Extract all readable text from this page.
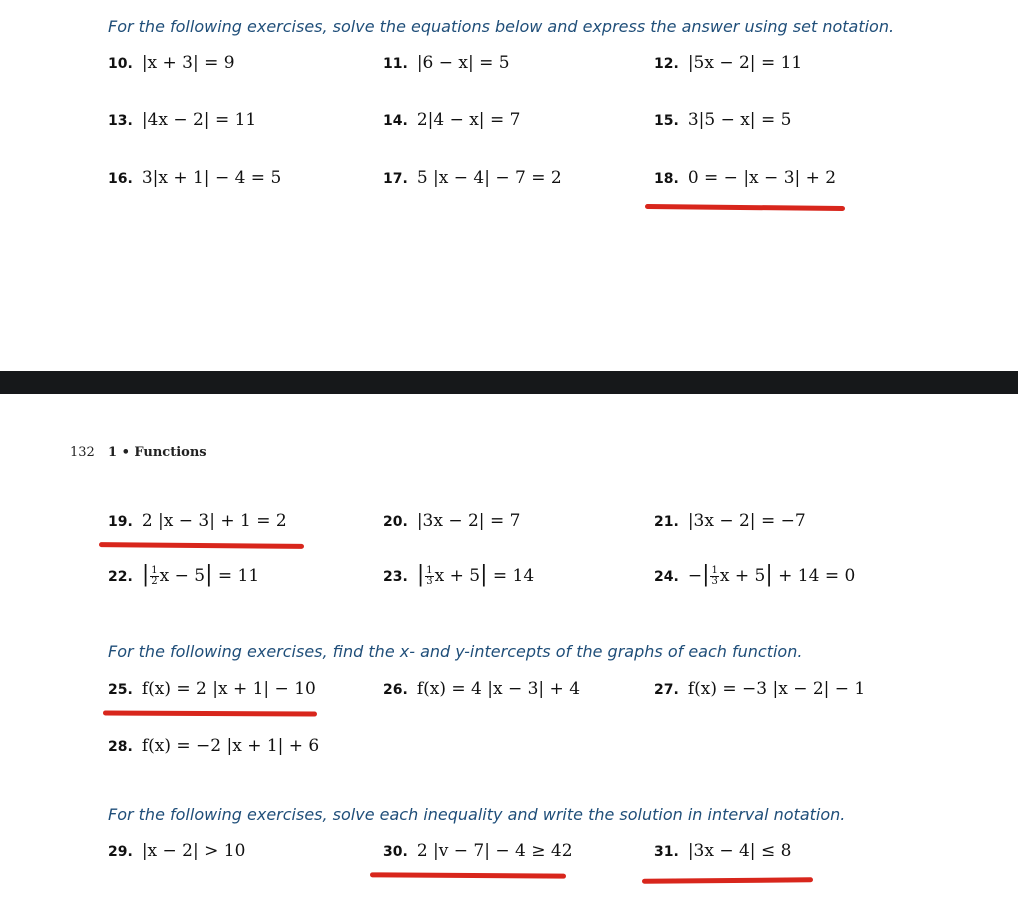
For the following exercises, solve the equations below and express the answer using set notation.
10. |x + 3| = 9	11. |6 − x| = 5	12. |5x − 2| = 11
13. |4x − 2| = 11	14. 2|4 − x| = 7	15. 3|5 − x| = 5
16. 3|x + 1| − 4 = 5	17. 5 |x − 4| − 7 = 2	18. 0 = − |x − 3| + 2
132 1 • Functions
19. 2 |x − 3| + 1 = 2	20. |3x − 2| = 7	21. |3x − 2| = −7
22. | $\frac{1}{2}$ x − 5| = 11	23. | $\frac{1}{3}$ x + 5| = 14	24. −| $\frac{1}{3}$ x + 5| + 14 = 0
For the following exercises, find the x- and y-intercepts of the graphs of each function.
25. f(x) = 2 |x + 1| − 10	26. f(x) = 4 |x − 3| + 4	27. f(x) = −3 |x − 2| − 1
28. f(x) = −2 |x + 1| + 6
For the following exercises, solve each inequality and write the solution in interval notation.
29. |x − 2| > 10	30. 2 |v − 7| − 4 ≥ 42	31. |3x − 4| ≤ 8
